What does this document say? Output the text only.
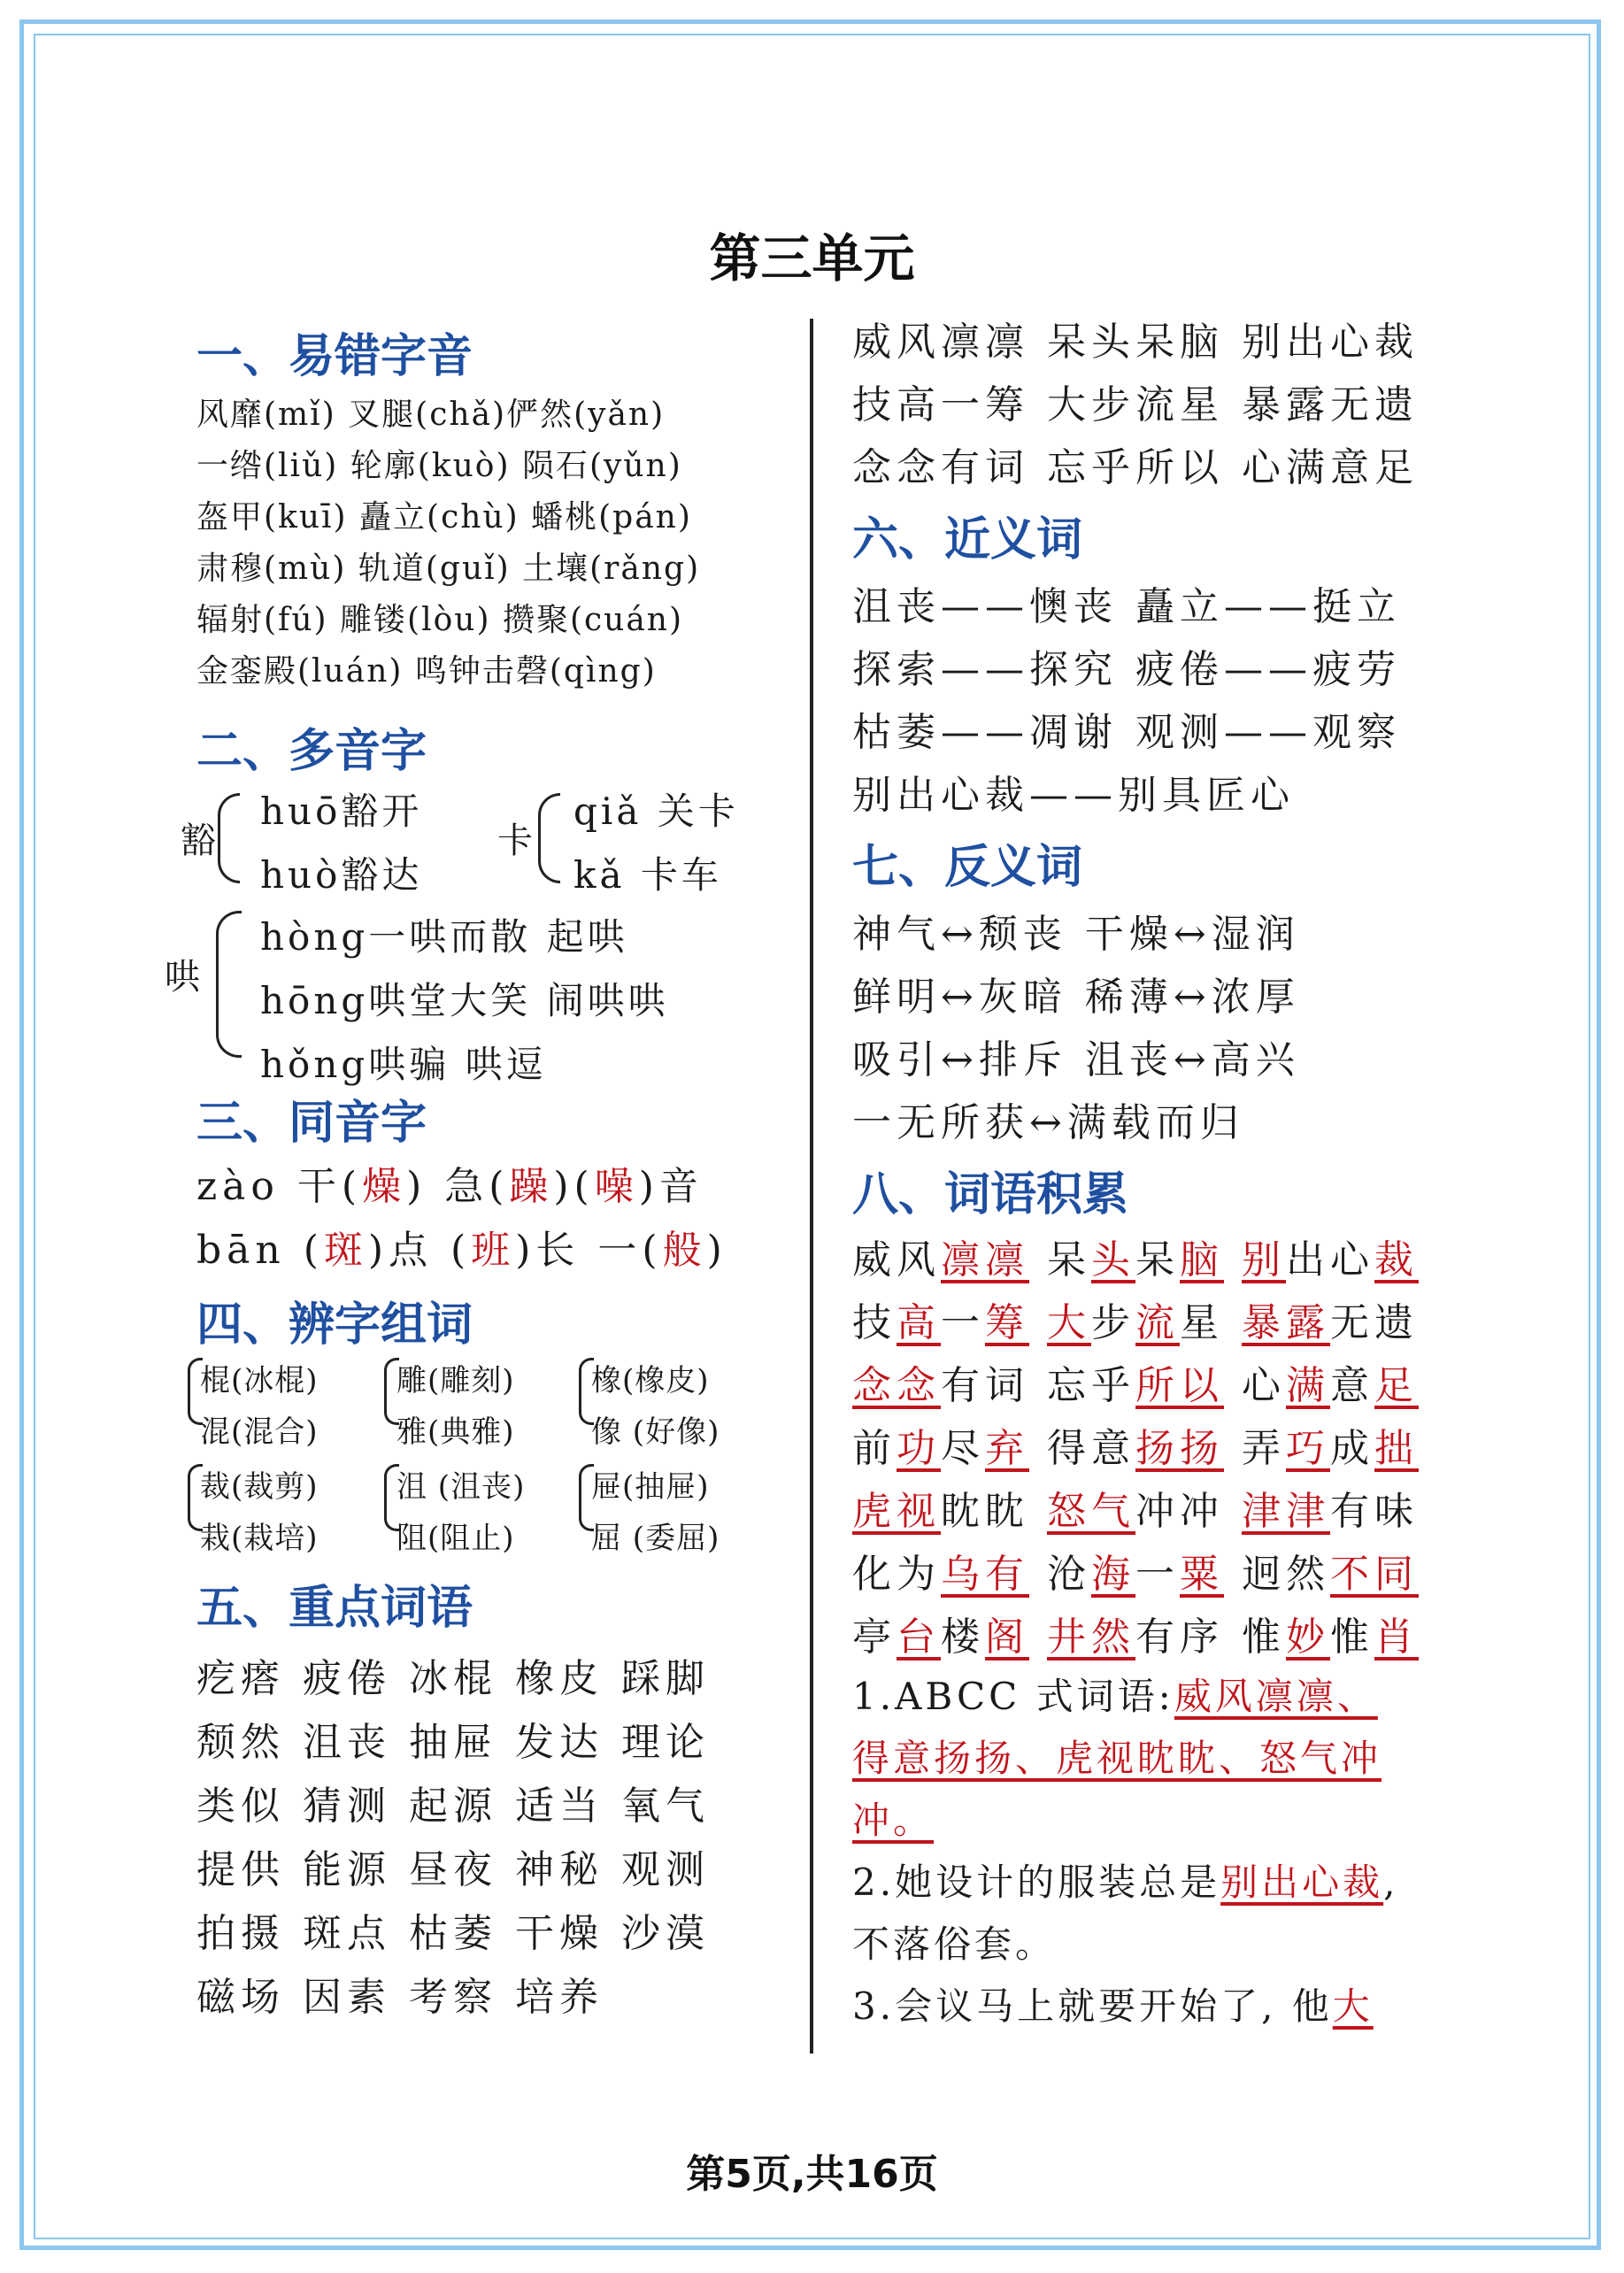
第三单元
一、易错字音
风靡(mǐ) 叉腿(chǎ)俨然(yǎn)
一绺(liǔ) 轮廓(kuò) 陨石(yǔn)
盔甲(kuī) 矗立(chù) 蟠桃(pán)
肃穆(mù) 轨道(guǐ) 土壤(rǎng)
辐射(fú) 雕镂(lòu) 攒聚(cuán)
金銮殿(luán) 鸣钟击磬(qìng)
二、多音字
豁
huō豁开
huò豁达
卡
qiǎ 关卡
kǎ 卡车
哄
hòng一哄而散 起哄
hōng哄堂大笑 闹哄哄
hǒng哄骗 哄逗
三、同音字
zào 干(燥) 急(躁)(噪)音
bān (斑)点 (班)长 一(般)
四、辨字组词
棍(冰棍)
混(混合)
雕(雕刻)
雅(典雅)
橡(橡皮)
像 (好像)
裁(裁剪)
栽(栽培)
沮 (沮丧)
阻(阻止)
屉(抽屉)
屈 (委屈)
五、重点词语
疙瘩 疲倦 冰棍 橡皮 踩脚
颓然 沮丧 抽屉 发达 理论
类似 猜测 起源 适当 氧气
提供 能源 昼夜 神秘 观测
拍摄 斑点 枯萎 干燥 沙漠
磁场 因素 考察 培养
威风凛凛 呆头呆脑 别出心裁
技高一筹 大步流星 暴露无遗
念念有词 忘乎所以 心满意足
六、近义词
沮丧——懊丧 矗立——挺立
探索——探究 疲倦——疲劳
枯萎——凋谢 观测——观察
别出心裁——别具匠心
七、反义词
神气↔颓丧 干燥↔湿润
鲜明↔灰暗 稀薄↔浓厚
吸引↔排斥 沮丧↔高兴
一无所获↔满载而归
八、词语积累
威风凛凛 呆头呆脑 别出心裁
技高一筹 大步流星 暴露无遗
念念有词 忘乎所以 心满意足
前功尽弃 得意扬扬 弄巧成拙
虎视眈眈 怒气冲冲 津津有味
化为乌有 沧海一粟 迥然不同
亭台楼阁 井然有序 惟妙惟肖
1.ABCC 式词语:威风凛凛、
得意扬扬、虎视眈眈、怒气冲
冲。
2.她设计的服装总是别出心裁,
不落俗套。
3.会议马上就要开始了, 他大
第5页,共16页
